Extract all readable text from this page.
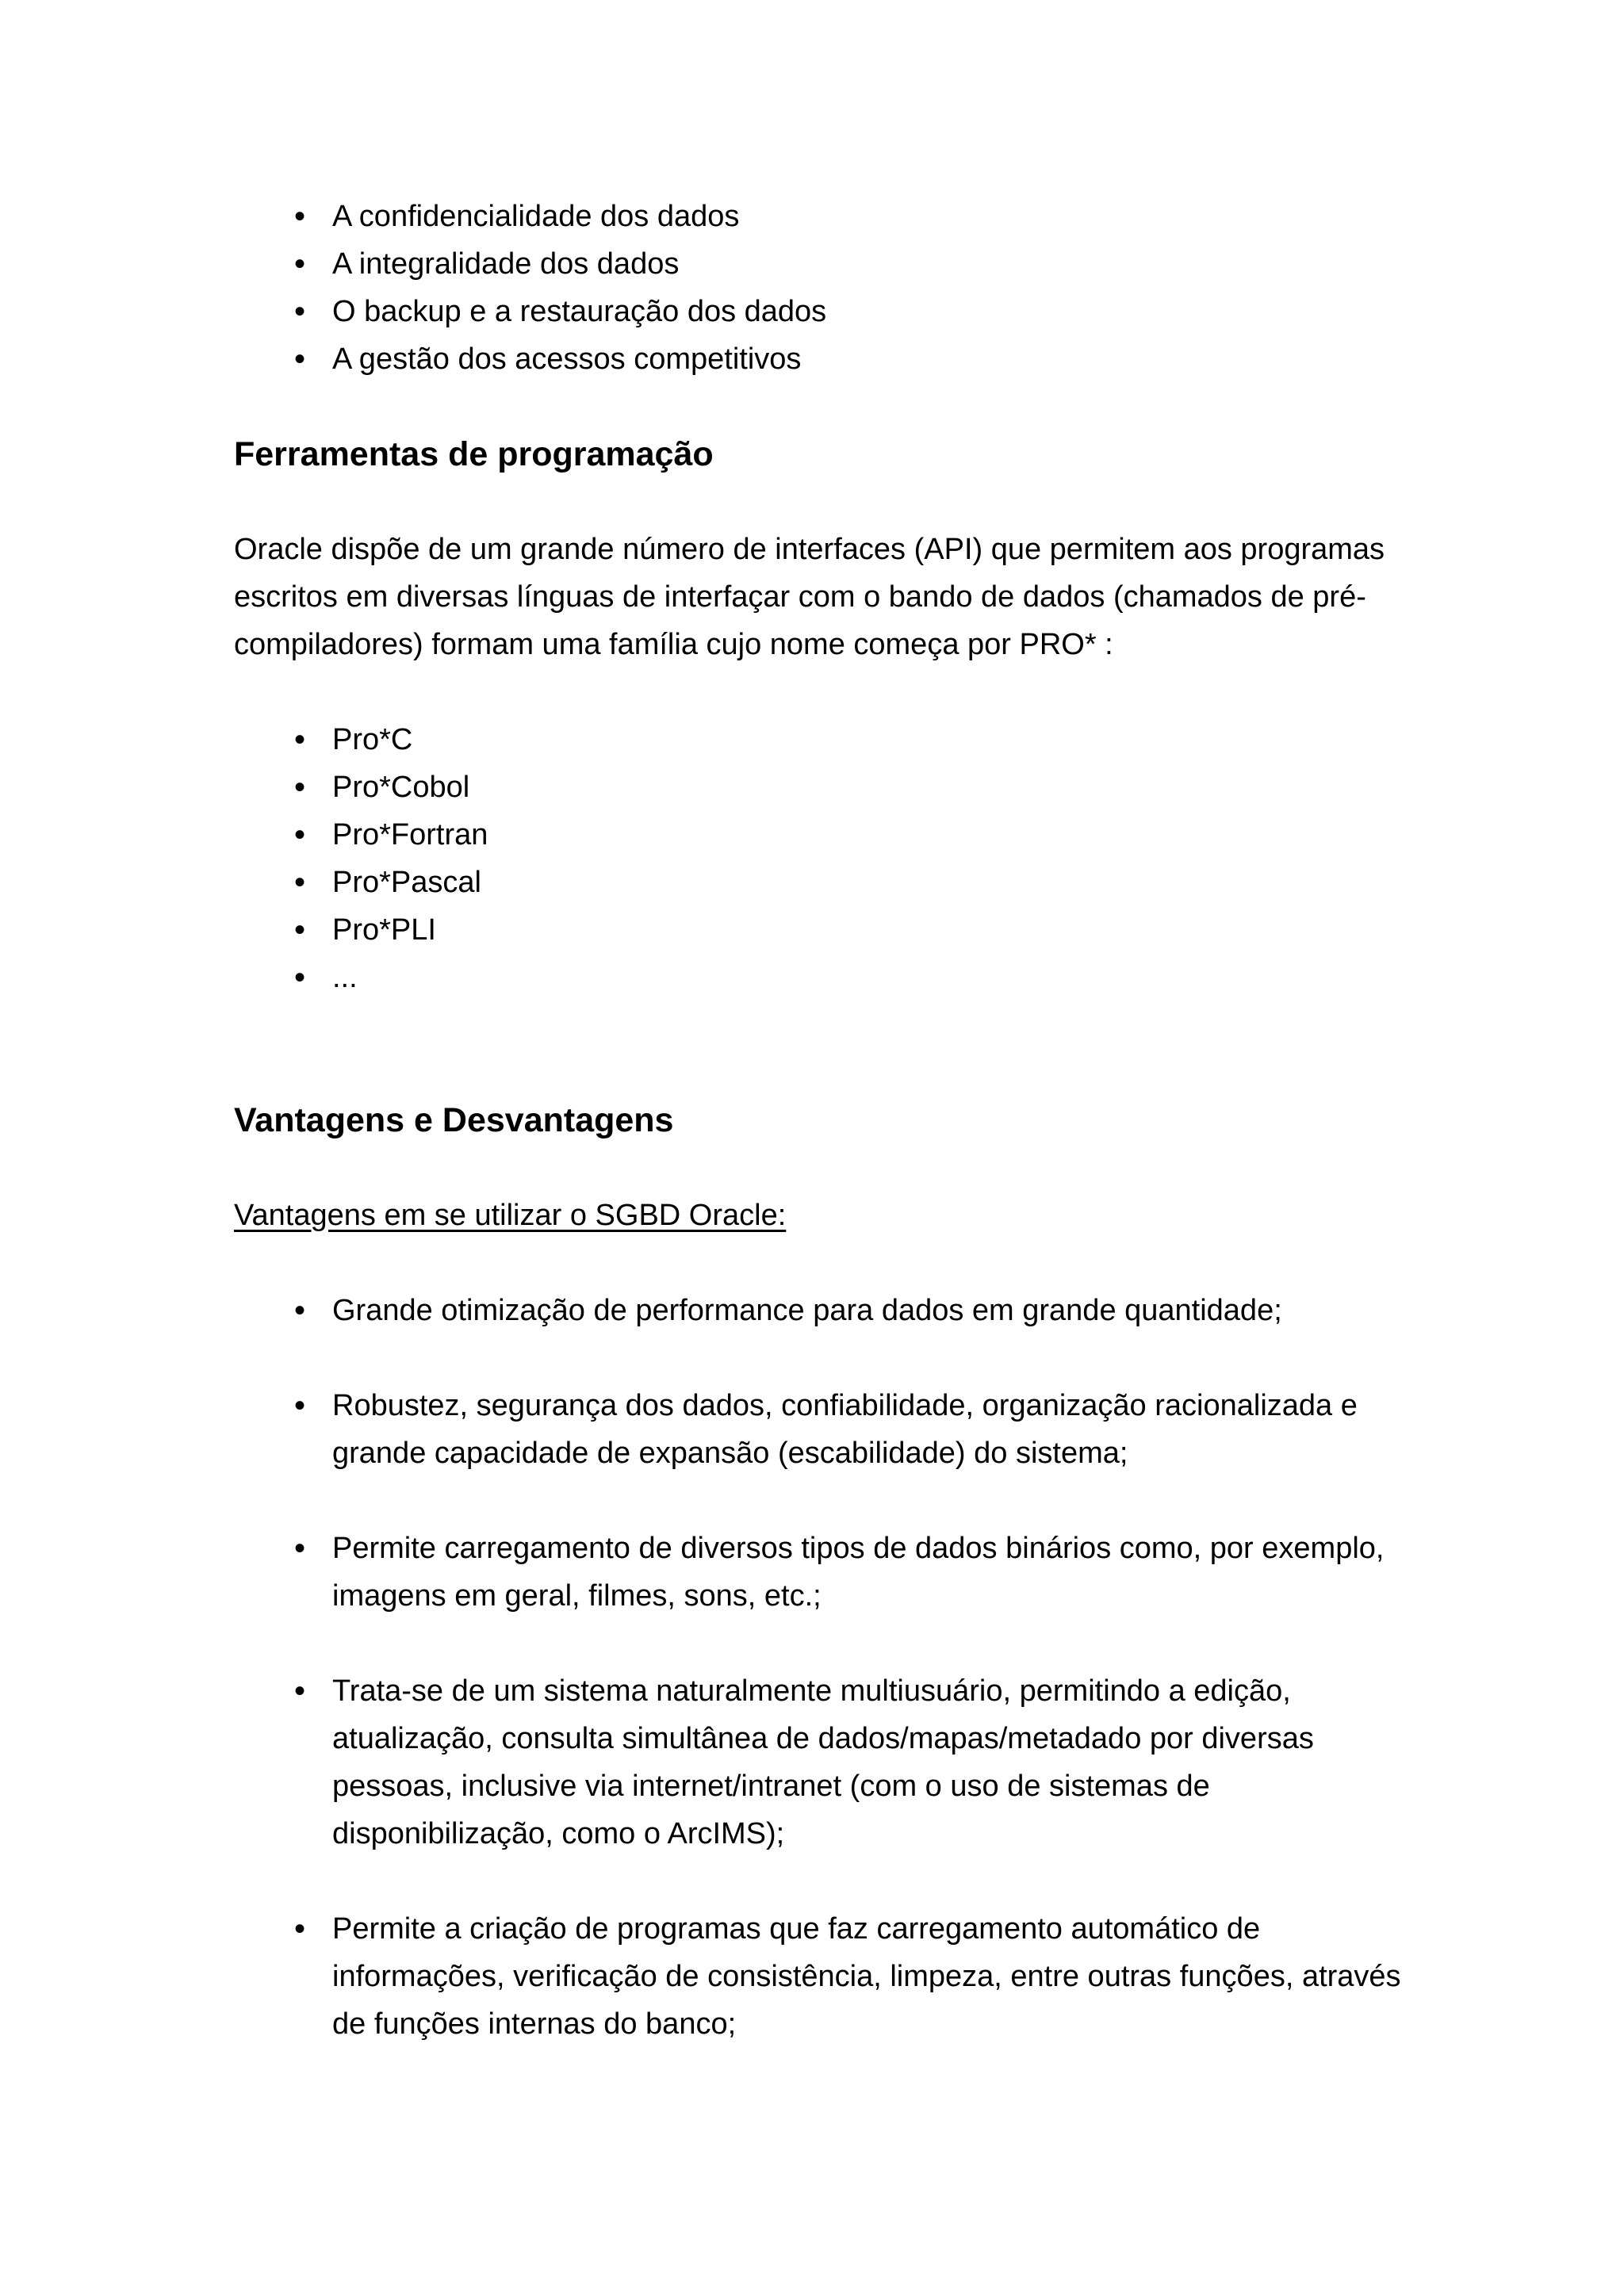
• A confidencialidade dos dados
• A integralidade dos dados
• O backup e a restauração dos dados
• A gestão dos acessos competitivos
Ferramentas de programação

Oracle dispõe de um grande número de interfaces (API) que permitem aos programas
escritos em diversas línguas de interfaçar com o bando de dados (chamados de pré-
compiladores) formam uma família cujo nome começa por PRO* :

• Pro*C
• Pro*Cobol
• Pro*Fortran
• Pro*Pascal
• Pro*PLI
• ...
Vantagens e Desvantagens

Vantagens em se utilizar o SGBD Oracle:

• Grande otimização de performance para dados em grande quantidade;
• Robustez, segurança dos dados, confiabilidade, organização racionalizada e
grande capacidade de expansão (escabilidade) do sistema;
• Permite carregamento de diversos tipos de dados binários como, por exemplo,
imagens em geral, filmes, sons, etc.;
• Trata-se de um sistema naturalmente multiusuário, permitindo a edição,
atualização, consulta simultânea de dados/mapas/metadado por diversas
pessoas, inclusive via internet/intranet (com o uso de sistemas de
disponibilização, como o ArcIMS);
• Permite a criação de programas que faz carregamento automático de
informações, verificação de consistência, limpeza, entre outras funções, através
de funções internas do banco;
